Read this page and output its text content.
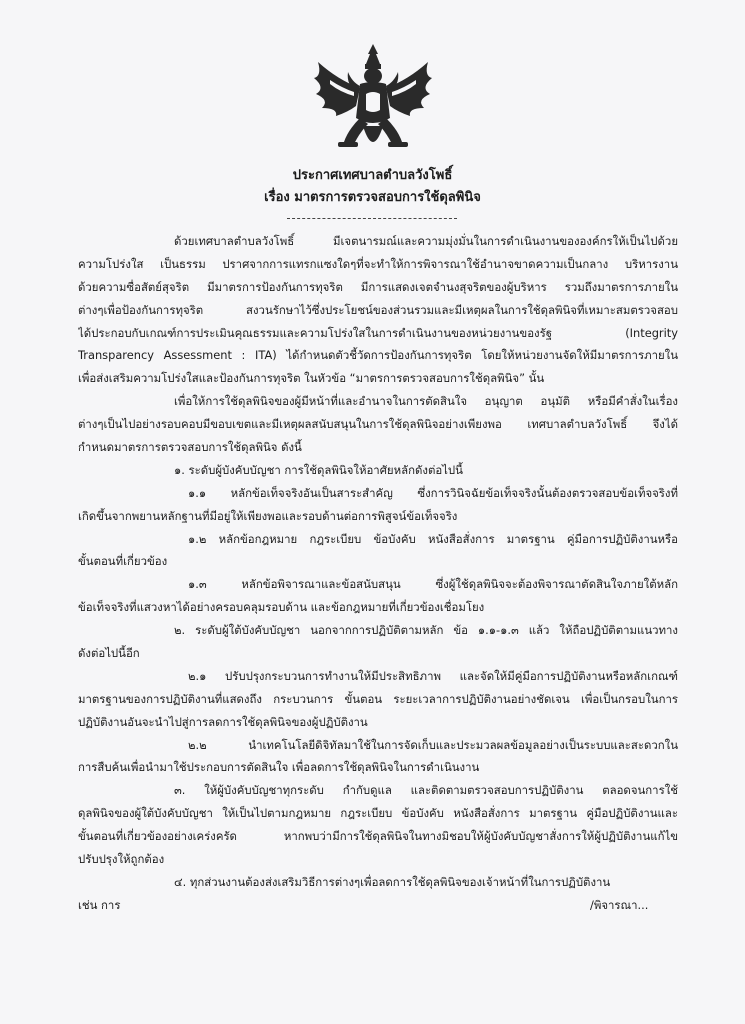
ประกาศเทศบาลตำบลวังโพธิ์
เรื่อง มาตรการตรวจสอบการใช้ดุลพินิจ
ด้วยเทศบาลตำบลวังโพธิ์ มีเจตนารมณ์และความมุ่งมั่นในการดำเนินงานขององค์กรให้เป็นไปด้วย
ความโปร่งใส เป็นธรรม ปราศจากการแทรกแซงใดๆที่จะทำให้การพิจารณาใช้อำนาจขาดความเป็นกลาง บริหารงาน
ด้วยความซื่อสัตย์สุจริต มีมาตรการป้องกันการทุจริต มีการแสดงเจตจำนงสุจริตของผู้บริหาร รวมถึงมาตรการภายใน
ต่างๆเพื่อป้องกันการทุจริต สงวนรักษาไว้ซึ่งประโยชน์ของส่วนรวมและมีเหตุผลในการใช้ดุลพินิจที่เหมาะสมตรวจสอบ
ได้ประกอบกับเกณฑ์การประเมินคุณธรรมและความโปร่งใสในการดำเนินงานของหน่วยงานของรัฐ (Integrity
Transparency Assessment : ITA) ได้กำหนดตัวชี้วัดการป้องกันการทุจริต โดยให้หน่วยงานจัดให้มีมาตรการภายใน
เพื่อส่งเสริมความโปร่งใสและป้องกันการทุจริต ในหัวข้อ “มาตรการตรวจสอบการใช้ดุลพินิจ” นั้น
เพื่อให้การใช้ดุลพินิจของผู้มีหน้าที่และอำนาจในการตัดสินใจ อนุญาต อนุมัติ หรือมีคำสั่งในเรื่อง
ต่างๆเป็นไปอย่างรอบคอบมีขอบเขตและมีเหตุผลสนับสนุนในการใช้ดุลพินิจอย่างเพียงพอ เทศบาลตำบลวังโพธิ์ จึงได้
กำหนดมาตรการตรวจสอบการใช้ดุลพินิจ ดังนี้
๑. ระดับผู้บังคับบัญชา การใช้ดุลพินิจให้อาศัยหลักดังต่อไปนี้
๑.๑ หลักข้อเท็จจริงอันเป็นสาระสำคัญ ซึ่งการวินิจฉัยข้อเท็จจริงนั้นต้องตรวจสอบข้อเท็จจริงที่
เกิดขึ้นจากพยานหลักฐานที่มีอยู่ให้เพียงพอและรอบด้านต่อการพิสูจน์ข้อเท็จจริง
๑.๒ หลักข้อกฎหมาย กฎระเบียบ ข้อบังคับ หนังสือสั่งการ มาตรฐาน คู่มือการปฏิบัติงานหรือ
ขั้นตอนที่เกี่ยวข้อง
๑.๓ หลักข้อพิจารณาและข้อสนับสนุน ซึ่งผู้ใช้ดุลพินิจจะต้องพิจารณาตัดสินใจภายใต้หลัก
ข้อเท็จจริงที่แสวงหาได้อย่างครอบคลุมรอบด้าน และข้อกฎหมายที่เกี่ยวข้องเชื่อมโยง
๒. ระดับผู้ใต้บังคับบัญชา นอกจากการปฏิบัติตามหลัก ข้อ ๑.๑-๑.๓ แล้ว ให้ถือปฏิบัติตามแนวทาง
ดังต่อไปนี้อีก
๒.๑ ปรับปรุงกระบวนการทำงานให้มีประสิทธิภาพ และจัดให้มีคู่มือการปฏิบัติงานหรือหลักเกณฑ์
มาตรฐานของการปฏิบัติงานที่แสดงถึง กระบวนการ ขั้นตอน ระยะเวลาการปฏิบัติงานอย่างชัดเจน เพื่อเป็นกรอบในการ
ปฏิบัติงานอันจะนำไปสู่การลดการใช้ดุลพินิจของผู้ปฏิบัติงาน
๒.๒ นำเทคโนโลยีดิจิทัลมาใช้ในการจัดเก็บและประมวลผลข้อมูลอย่างเป็นระบบและสะดวกใน
การสืบค้นเพื่อนำมาใช้ประกอบการตัดสินใจ เพื่อลดการใช้ดุลพินิจในการดำเนินงาน
๓. ให้ผู้บังคับบัญชาทุกระดับ กำกับดูแล และติดตามตรวจสอบการปฏิบัติงาน ตลอดจนการใช้
ดุลพินิจของผู้ใต้บังคับบัญชา ให้เป็นไปตามกฎหมาย กฎระเบียบ ข้อบังคับ หนังสือสั่งการ มาตรฐาน คู่มือปฏิบัติงานและ
ขั้นตอนที่เกี่ยวข้องอย่างเคร่งครัด หากพบว่ามีการใช้ดุลพินิจในทางมิชอบให้ผู้บังคับบัญชาสั่งการให้ผู้ปฏิบัติงานแก้ไข
ปรับปรุงให้ถูกต้อง
๔. ทุกส่วนงานต้องส่งเสริมวิธีการต่างๆเพื่อลดการใช้ดุลพินิจของเจ้าหน้าที่ในการปฏิบัติงาน
เช่น การ	/พิจารณา...
